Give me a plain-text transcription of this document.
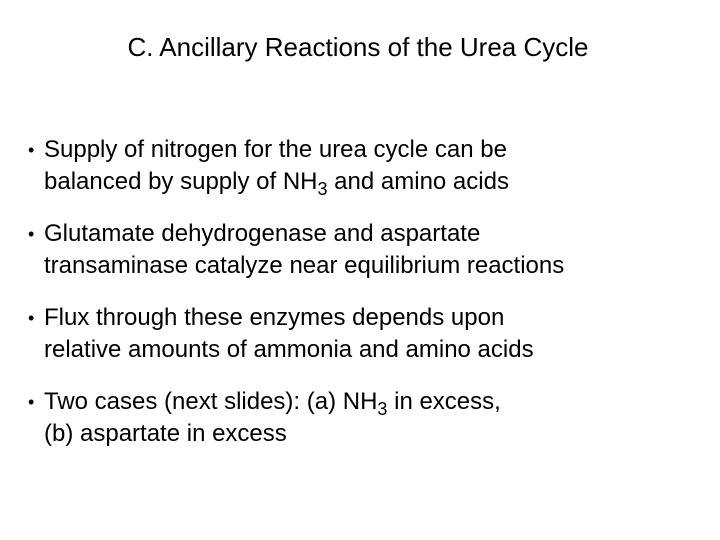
C. Ancillary Reactions of the Urea Cycle
• Supply of nitrogen for the urea cycle can be
balanced by supply of $NH_3$ and amino acids
• Glutamate dehydrogenase and aspartate
transaminase catalyze near equilibrium reactions
• Flux through these enzymes depends upon
relative amounts of ammonia and amino acids
• Two cases (next slides): (a) $NH_3$ in excess,
(b) aspartate in excess
